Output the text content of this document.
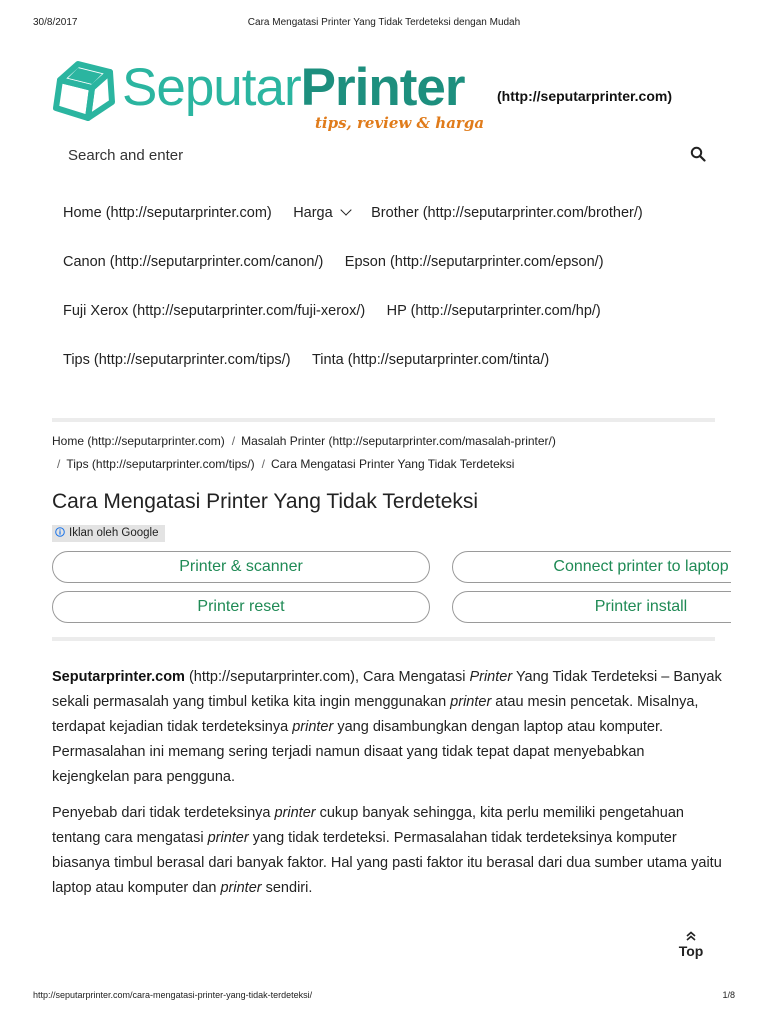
30/8/2017	Cara Mengatasi Printer Yang Tidak Terdeteksi dengan Mudah
SeputarPrinter
tips, review & harga
(http://seputarprinter.com)
Search and enter
Home (http://seputarprinter.com) Harga	Brother (http://seputarprinter.com/brother/)
Canon (http://seputarprinter.com/canon/) Epson (http://seputarprinter.com/epson/)
Fuji Xerox (http://seputarprinter.com/fuji-xerox/) HP (http://seputarprinter.com/hp/)
Tips (http://seputarprinter.com/tips/) Tinta (http://seputarprinter.com/tinta/)
Home (http://seputarprinter.com) / Masalah Printer (http://seputarprinter.com/masalah-printer/)
/ Tips (http://seputarprinter.com/tips/) / Cara Mengatasi Printer Yang Tidak Terdeteksi
Cara Mengatasi Printer Yang Tidak Terdeteksi
Iklan oleh Google
Printer & scanner	Connect printer to laptop
Printer reset	Printer install

Seputarprinter.com (http://seputarprinter.com), Cara Mengatasi Printer Yang Tidak Terdeteksi – Banyak sekali permasalah yang timbul ketika kita ingin menggunakan printer atau mesin pencetak. Misalnya, terdapat kejadian tidak terdeteksinya printer yang disambungkan dengan laptop atau komputer. Permasalahan ini memang sering terjadi namun disaat yang tidak tepat dapat menyebabkan kejengkelan para pengguna.

Penyebab dari tidak terdeteksinya printer cukup banyak sehingga, kita perlu memiliki pengetahuan tentang cara mengatasi printer yang tidak terdeteksi. Permasalahan tidak terdeteksinya komputer biasanya timbul berasal dari banyak faktor. Hal yang pasti faktor itu berasal dari dua sumber utama yaitu laptop atau komputer dan printer sendiri.

Top
http://seputarprinter.com/cara-mengatasi-printer-yang-tidak-terdeteksi/	1/8
